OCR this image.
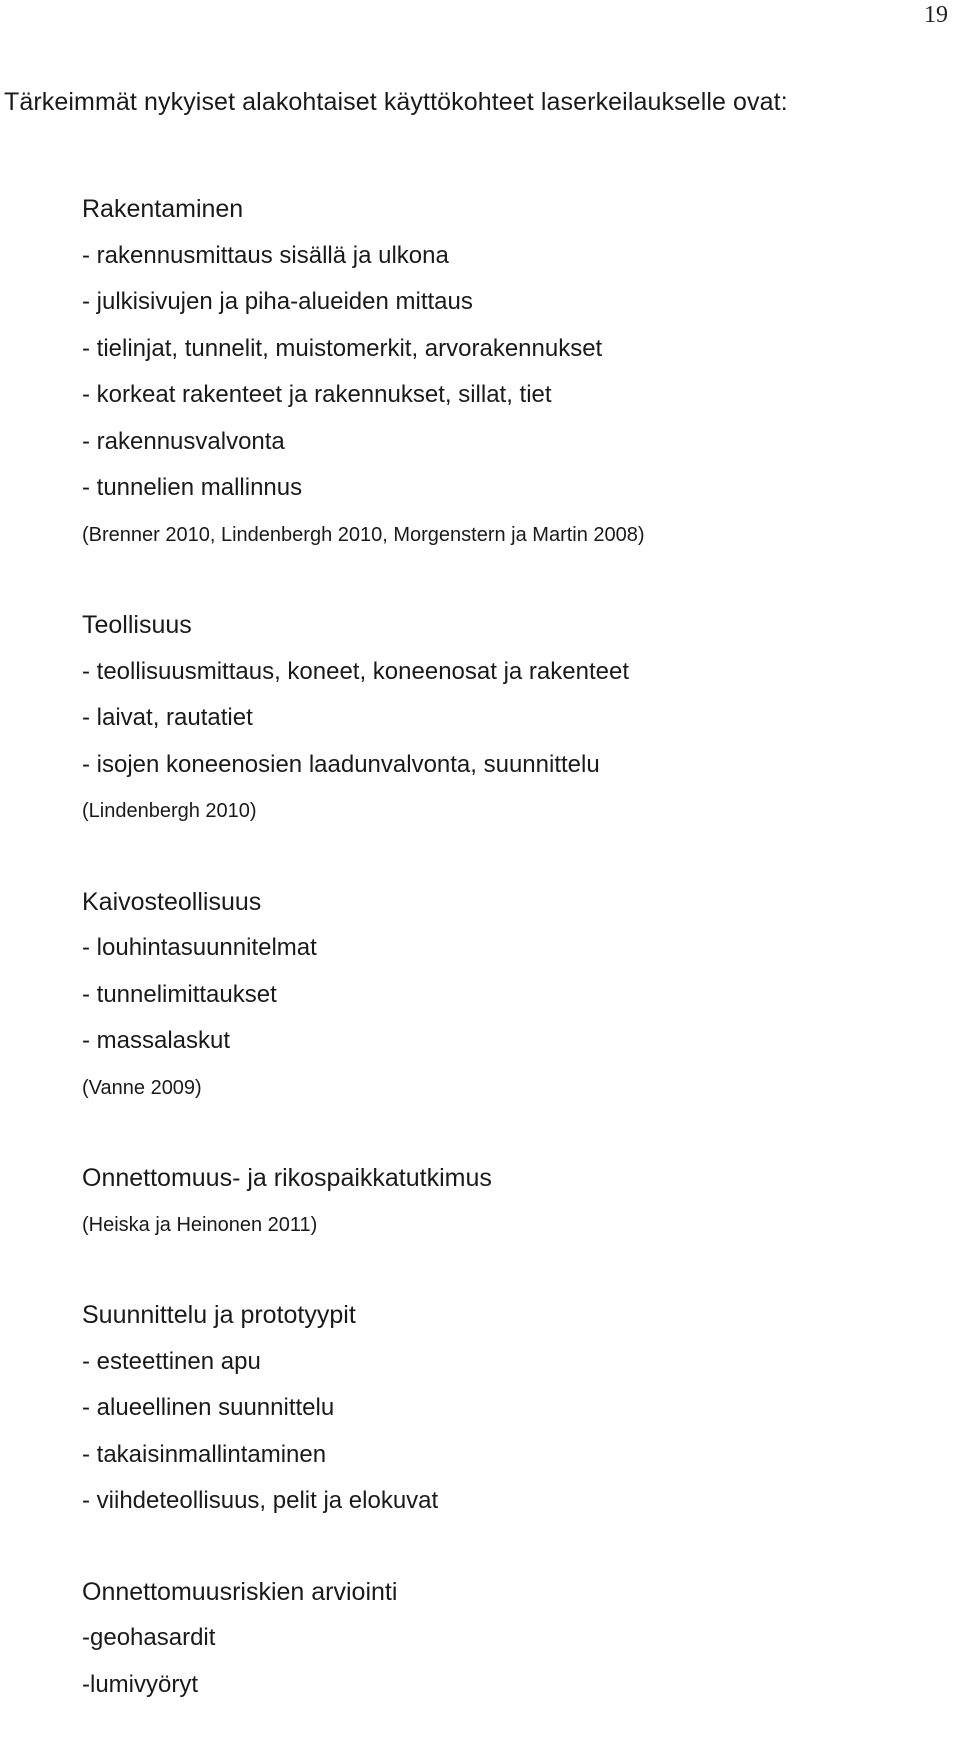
19

Tärkeimmät nykyiset alakohtaiset käyttökohteet laserkeilaukselle ovat:

Rakentaminen
- rakennusmittaus sisällä ja ulkona
- julkisivujen ja piha-alueiden mittaus
- tielinjat, tunnelit, muistomerkit, arvorakennukset
- korkeat rakenteet ja rakennukset, sillat, tiet
- rakennusvalvonta
- tunnelien mallinnus
(Brenner 2010, Lindenbergh 2010, Morgenstern ja Martin 2008)
Teollisuus
- teollisuusmittaus, koneet, koneenosat ja rakenteet
- laivat, rautatiet
- isojen koneenosien laadunvalvonta, suunnittelu
(Lindenbergh 2010)
Kaivosteollisuus
- louhintasuunnitelmat
- tunnelimittaukset
- massalaskut
(Vanne 2009)
Onnettomuus- ja rikospaikkatutkimus
(Heiska ja Heinonen 2011)
Suunnittelu ja prototyypit
- esteettinen apu
- alueellinen suunnittelu
- takaisinmallintaminen
- viihdeteollisuus, pelit ja elokuvat
Onnettomuusriskien arviointi
-geohasardit
-lumivyöryt
